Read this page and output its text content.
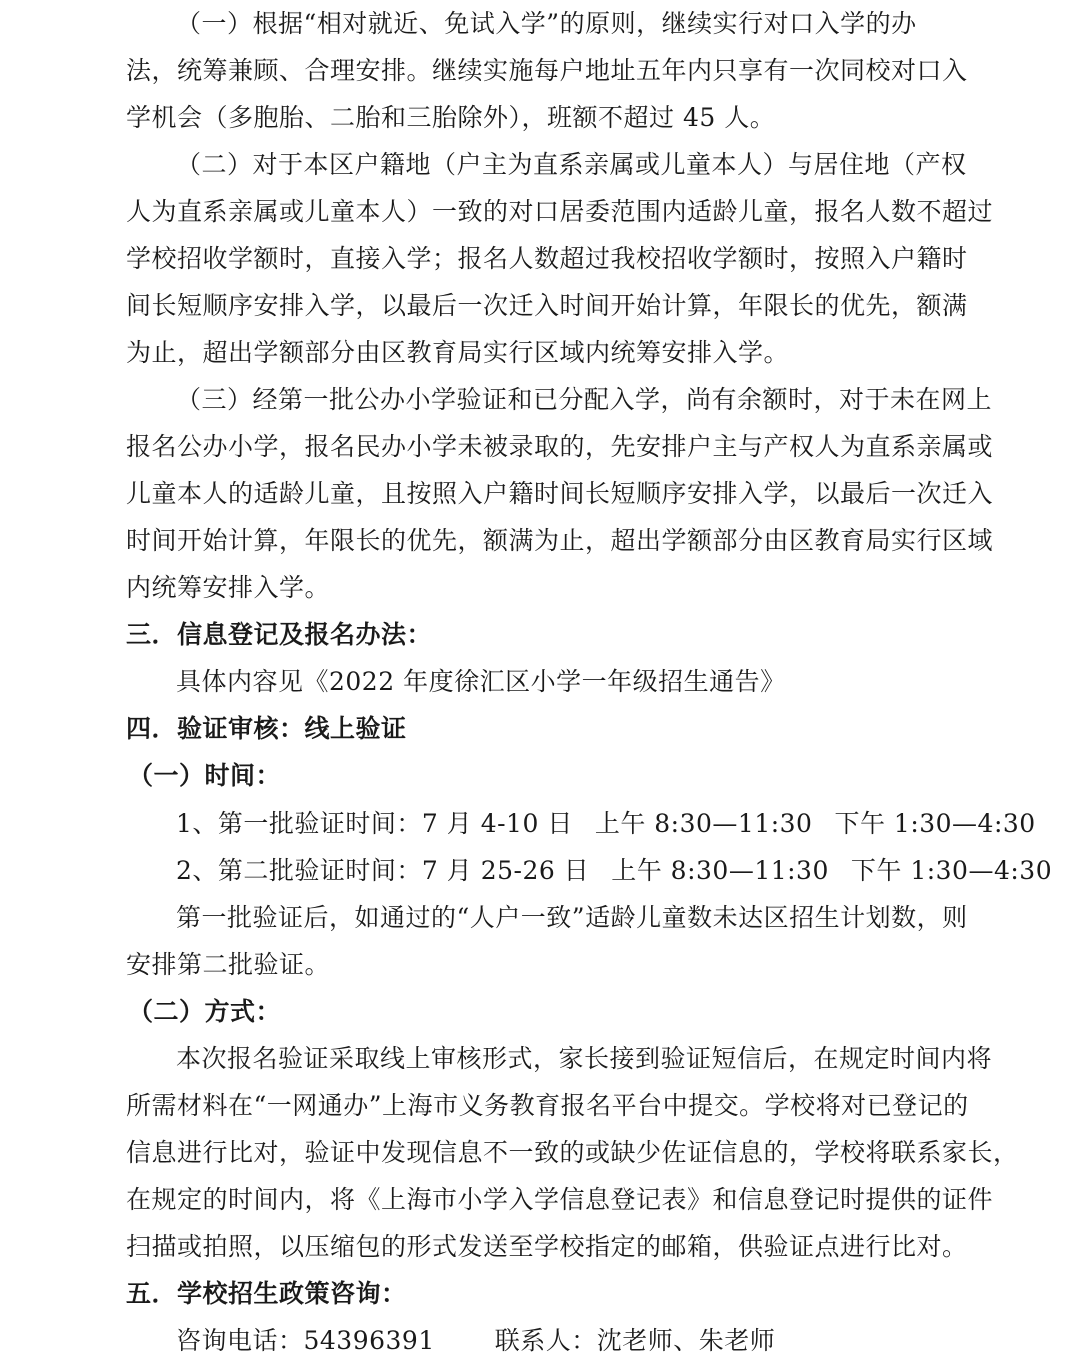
（一）根据“相对就近、免试入学”的原则，继续实行对口入学的办
法，统筹兼顾、合理安排。继续实施每户地址五年内只享有一次同校对口入
学机会（多胞胎、二胎和三胎除外），班额不超过 45 人。
（二）对于本区户籍地（户主为直系亲属或儿童本人）与居住地（产权
人为直系亲属或儿童本人）一致的对口居委范围内适龄儿童，报名人数不超过
学校招收学额时，直接入学；报名人数超过我校招收学额时，按照入户籍时
间长短顺序安排入学，以最后一次迁入时间开始计算，年限长的优先，额满
为止，超出学额部分由区教育局实行区域内统筹安排入学。
（三）经第一批公办小学验证和已分配入学，尚有余额时，对于未在网上
报名公办小学，报名民办小学未被录取的，先安排户主与产权人为直系亲属或
儿童本人的适龄儿童，且按照入户籍时间长短顺序安排入学，以最后一次迁入
时间开始计算，年限长的优先，额满为止，超出学额部分由区教育局实行区域
内统筹安排入学。
三．信息登记及报名办法：
具体内容见《2022 年度徐汇区小学一年级招生通告》
四．验证审核：线上验证
（一）时间：
1、第一批验证时间：7 月 4-10 日 上午 8:30—11:30 下午 1:30—4:30
2、第二批验证时间：7 月 25-26 日 上午 8:30—11:30 下午 1:30—4:30
第一批验证后，如通过的“人户一致”适龄儿童数未达区招生计划数，则
安排第二批验证。
（二）方式：
本次报名验证采取线上审核形式，家长接到验证短信后，在规定时间内将
所需材料在“一网通办”上海市义务教育报名平台中提交。学校将对已登记的
信息进行比对，验证中发现信息不一致的或缺少佐证信息的，学校将联系家长，
在规定的时间内，将《上海市小学入学信息登记表》和信息登记时提供的证件
扫描或拍照，以压缩包的形式发送至学校指定的邮箱，供验证点进行比对。
五．学校招生政策咨询：
咨询电话：54396391 联系人：沈老师、朱老师
